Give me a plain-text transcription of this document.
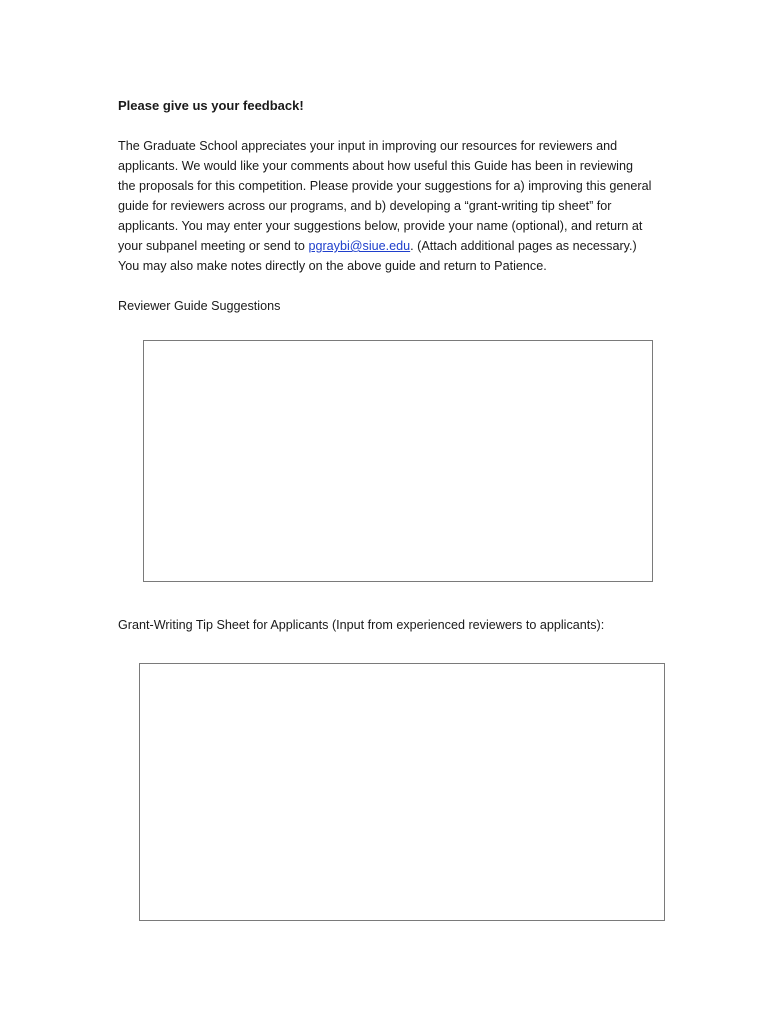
Please give us your feedback!

The Graduate School appreciates your input in improving our resources for reviewers and
applicants. We would like your comments about how useful this Guide has been in reviewing
the proposals for this competition. Please provide your suggestions for a) improving this general
guide for reviewers across our programs, and b) developing a “grant-writing tip sheet” for
applicants. You may enter your suggestions below, provide your name (optional), and return at
your subpanel meeting or send to pgraybi@siue.edu. (Attach additional pages as necessary.)
You may also make notes directly on the above guide and return to Patience.

Reviewer Guide Suggestions
Grant-Writing Tip Sheet for Applicants (Input from experienced reviewers to applicants):
